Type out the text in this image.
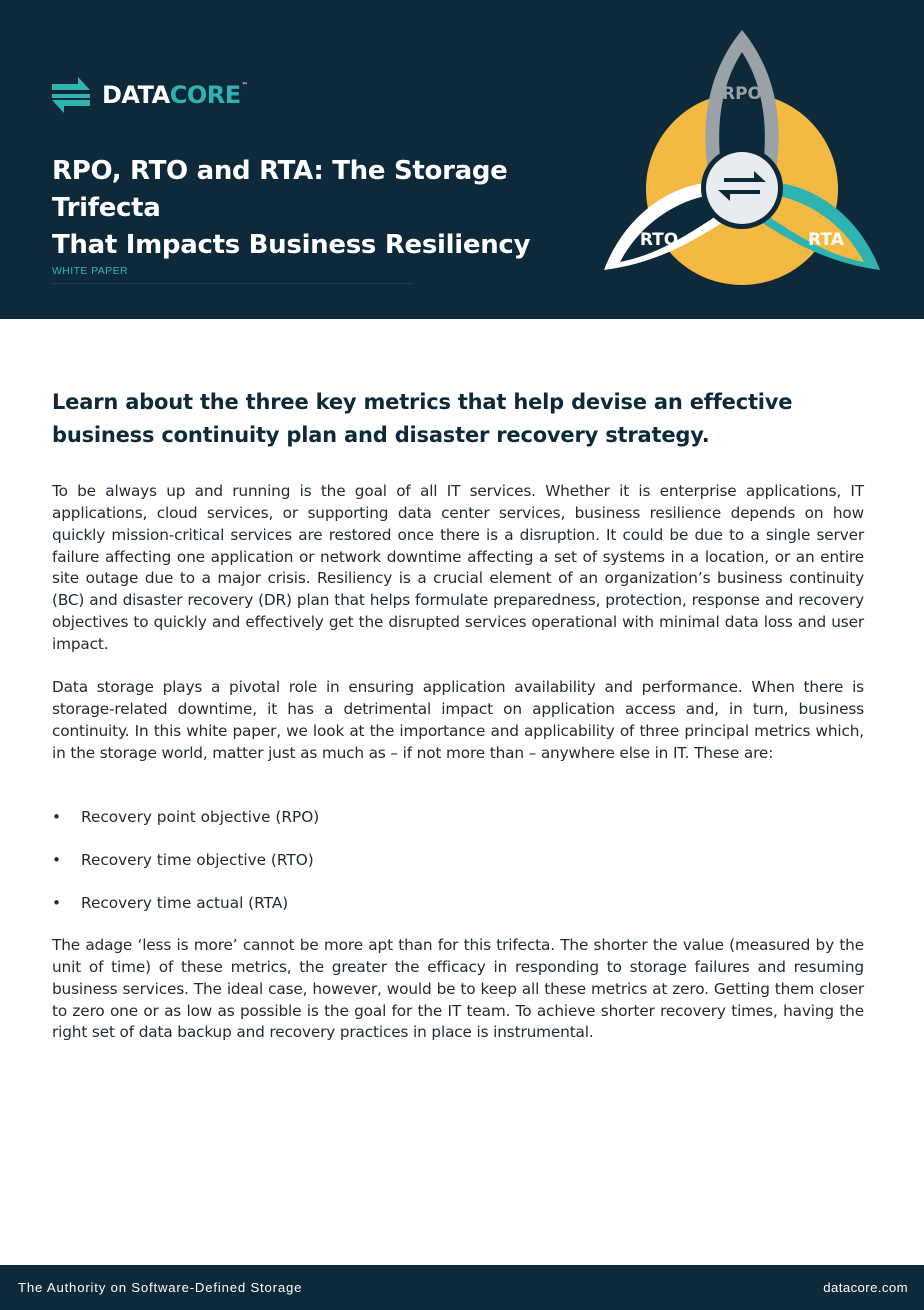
DATACORE™
RPO, RTO and RTA: The Storage Trifecta
That Impacts Business Resiliency
WHITE PAPER
RPO
RTO	RTA
Learn about the three key metrics that help devise an effective
business continuity plan and disaster recovery strategy.

To be always up and running is the goal of all IT services. Whether it is enterprise applications, IT applications, cloud services, or supporting data center services, business resilience depends on how quickly mission-critical services are restored once there is a disruption. It could be due to a single server failure affecting one application or network downtime affecting a set of systems in a location, or an entire site outage due to a major crisis. Resiliency is a crucial element of an organization’s business continuity (BC) and disaster recovery (DR) plan that helps formulate preparedness, protection, response and recovery objectives to quickly and effectively get the disrupted services operational with minimal data loss and user impact.

Data storage plays a pivotal role in ensuring application availability and performance. When there is storage-related downtime, it has a detrimental impact on application access and, in turn, business continuity. In this white paper, we look at the importance and applicability of three principal metrics which, in the storage world, matter just as much as – if not more than – anywhere else in IT. These are:

• Recovery point objective (RPO)
• Recovery time objective (RTO)
• Recovery time actual (RTA)

The adage ‘less is more’ cannot be more apt than for this trifecta. The shorter the value (measured by the unit of time) of these metrics, the greater the efficacy in responding to storage failures and resuming business services. The ideal case, however, would be to keep all these metrics at zero. Getting them closer to zero one or as low as possible is the goal for the IT team. To achieve shorter recovery times, having the right set of data backup and recovery practices in place is instrumental.

The Authority on Software-Defined Storage	datacore.com
